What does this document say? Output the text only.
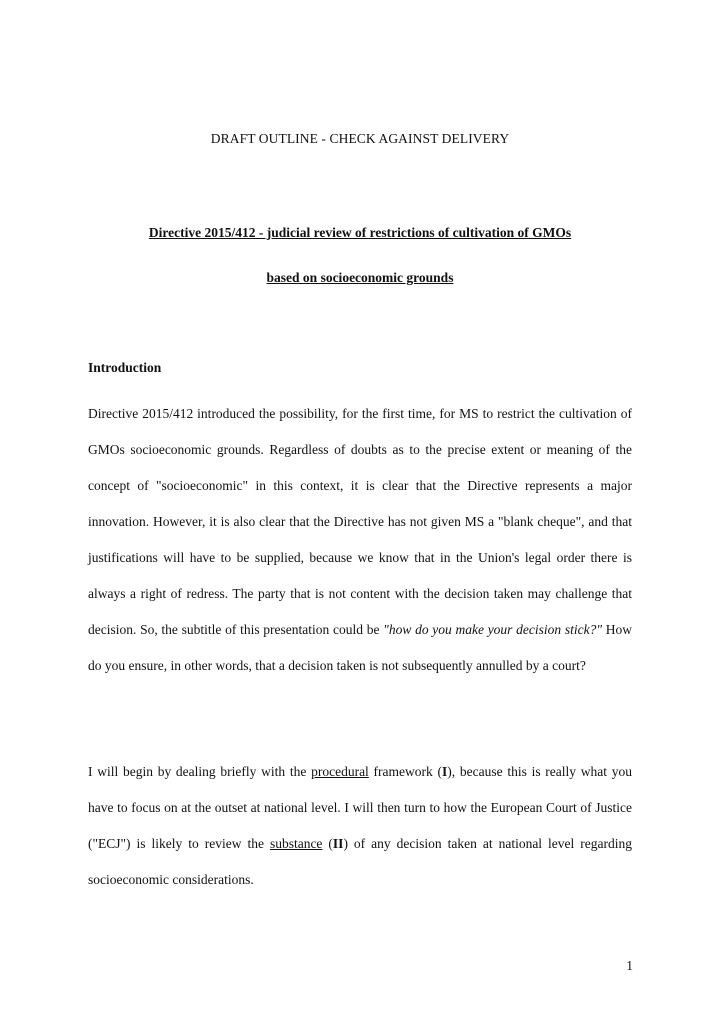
DRAFT OUTLINE - CHECK AGAINST DELIVERY
Directive 2015/412 - judicial review of restrictions of cultivation of GMOs
based on socioeconomic grounds
Introduction

Directive 2015/412 introduced the possibility, for the first time, for MS to restrict the cultivation of GMOs socioeconomic grounds. Regardless of doubts as to the precise extent or meaning of the concept of "socioeconomic" in this context, it is clear that the Directive represents a major innovation. However, it is also clear that the Directive has not given MS a "blank cheque", and that justifications will have to be supplied, because we know that in the Union's legal order there is always a right of redress. The party that is not content with the decision taken may challenge that decision. So, the subtitle of this presentation could be "how do you make your decision stick?" How do you ensure, in other words, that a decision taken is not subsequently annulled by a court?

I will begin by dealing briefly with the procedural framework (I), because this is really what you have to focus on at the outset at national level. I will then turn to how the European Court of Justice ("ECJ") is likely to review the substance (II) of any decision taken at national level regarding socioeconomic considerations.

1
